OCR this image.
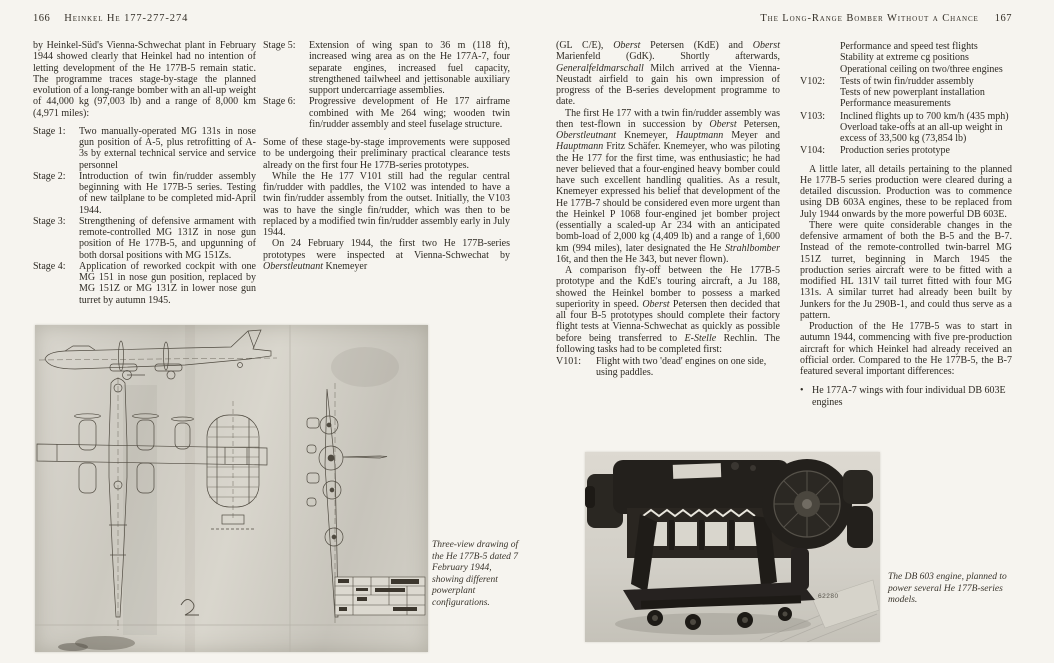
166 Heinkel He 177-277-274	The Long-Range Bomber Without a Chance 167

by Heinkel-Süd's Vienna-Schwechat plant in February 1944 showed clearly that Heinkel had no intention of letting development of the He 177B-5 remain static. The programme traces stage-by-stage the planned evolution of a long-range bomber with an all-up weight of 44,000 kg (97,003 lb) and a range of 8,000 km (4,971 miles):

Stage 1:	Two manually-operated MG 131s in nose gun position of A-5, plus retrofitting of A-3s by external technical service and service personnel
Stage 2:	Introduction of twin fin/rudder assembly beginning with He 177B-5 series. Testing of new tailplane to be completed mid-April 1944.
Stage 3:	Strengthening of defensive armament with remote-controlled MG 131Z in nose gun position of He 177B-5, and upgunning of both dorsal positions with MG 151Zs.
Stage 4:	Application of reworked cockpit with one MG 151 in nose gun position, replaced by MG 151Z or MG 131Z in lower nose gun turret by autumn 1945.
Stage 5:	Extension of wing span to 36 m (118 ft), increased wing area as on the He 177A-7, four separate engines, increased fuel capacity, strengthened tailwheel and jettisonable auxiliary support undercarriage assemblies.
Stage 6:	Progressive development of He 177 airframe combined with Me 264 wing; wooden twin fin/rudder assembly and steel fuselage structure.

Some of these stage-by-stage improvements were supposed to be undergoing their preliminary practical clearance tests already on the first four He 177B-series prototypes.

While the He 177 V101 still had the regular central fin/rudder with paddles, the V102 was intended to have a twin fin/rudder assembly from the outset. Initially, the V103 was to have the single fin/rudder, which was then to be replaced by a modified twin fin/rudder assembly early in July 1944.

On 24 February 1944, the first two He 177B-series prototypes were inspected at Vienna-Schwechat by Oberstleutnant Knemeyer

(GL C/E), Oberst Petersen (KdE) and Oberst Marienfeld (GdK). Shortly afterwards, Generalfeldmarschall Milch arrived at the Vienna-Neustadt airfield to gain his own impression of progress of the B-series development programme to date.

The first He 177 with a twin fin/rudder assembly was then test-flown in succession by Oberst Petersen, Oberstleutnant Knemeyer, Hauptmann Meyer and Hauptmann Fritz Schäfer. Knemeyer, who was piloting the He 177 for the first time, was enthusiastic; he had never believed that a four-engined heavy bomber could have such excellent handling qualities. As a result, Knemeyer expressed his belief that development of the He 177B-7 should be considered even more urgent than the Heinkel P 1068 four-engined jet bomber project (essentially a scaled-up Ar 234 with an anticipated bomb-load of 2,000 kg (4,409 lb) and a range of 1,600 km (994 miles), later designated the He Strahlbomber 16t, and then the He 343, but never flown).

A comparison fly-off between the He 177B-5 prototype and the KdE's touring aircraft, a Ju 188, showed the Heinkel bomber to possess a marked superiority in speed. Oberst Petersen then decided that all four B-5 prototypes should complete their factory flight tests at Vienna-Schwechat as quickly as possible before being transferred to E-Stelle Rechlin. The following tasks had to be completed first:

V101:	Flight with two 'dead' engines on one side, using paddles.
Performance and speed test flights
Stability at extreme cg positions
Operational ceiling on two/three engines
V102:	Tests of twin fin/rudder assembly
Tests of new powerplant installation
Performance measurements
V103:	Inclined flights up to 700 km/h (435 mph)
Overload take-offs at an all-up weight in excess of 33,500 kg (73,854 lb)
V104:	Production series prototype

A little later, all details pertaining to the planned He 177B-5 series production were cleared during a detailed discussion. Production was to commence using DB 603A engines, these to be replaced from July 1944 onwards by the more powerful DB 603E.

There were quite considerable changes in the defensive armament of both the B-5 and the B-7. Instead of the remote-controlled twin-barrel MG 151Z turret, beginning in March 1945 the production series aircraft were to be fitted with a modified HL 131V tail turret fitted with four MG 131s. A similar turret had already been built by Junkers for the Ju 290B-1, and could thus serve as a pattern.

Production of the He 177B-5 was to start in autumn 1944, commencing with five pre-production aircraft for which Heinkel had already received an official order. Compared to the He 177B-5, the B-7 featured several important differences:

• He 177A-7 wings with four individual DB 603E engines
Three-view drawing of the He 177B-5 dated 7 February 1944, showing different powerplant configurations.
62280
The DB 603 engine, planned to power several He 177B-series models.
